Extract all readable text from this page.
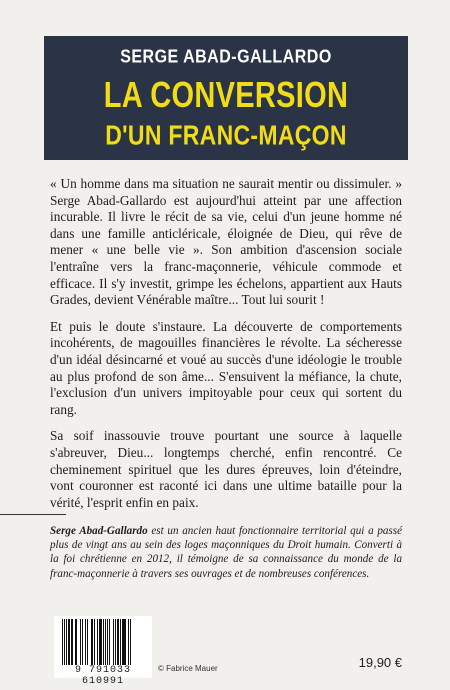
SERGE ABAD-GALLARDO
LA CONVERSION
D'UN FRANC-MAÇON

« Un homme dans ma situation ne saurait mentir ou dissimuler. » Serge Abad-Gallardo est aujourd'hui atteint par une affection incurable. Il livre le récit de sa vie, celui d'un jeune homme né dans une famille anticléricale, éloignée de Dieu, qui rêve de mener « une belle vie ». Son ambition d'ascension sociale l'entraîne vers la franc-maçonnerie, véhicule commode et efficace. Il s'y investit, grimpe les échelons, appartient aux Hauts Grades, devient Vénérable maître... Tout lui sourit !

Et puis le doute s'instaure. La découverte de comportements incohérents, de magouilles financières le révolte. La sécheresse d'un idéal désincarné et voué au succès d'une idéologie le trouble au plus profond de son âme... S'ensuivent la méfiance, la chute, l'exclusion d'un univers impitoyable pour ceux qui sortent du rang.

Sa soif inassouvie trouve pourtant une source à laquelle s'abreuver, Dieu... longtemps cherché, enfin rencontré. Ce cheminement spirituel que les dures épreuves, loin d'éteindre, vont couronner est raconté ici dans une ultime bataille pour la vérité, l'esprit enfin en paix.

Serge Abad-Gallardo est un ancien haut fonctionnaire territorial qui a passé plus de vingt ans au sein des loges maçonniques du Droit humain. Converti à la foi chrétienne en 2012, il témoigne de sa connaissance du monde de la franc-maçonnerie à travers ses ouvrages et de nombreuses conférences.
9 791033 610991
© Fabrice Mauer	19,90 €
